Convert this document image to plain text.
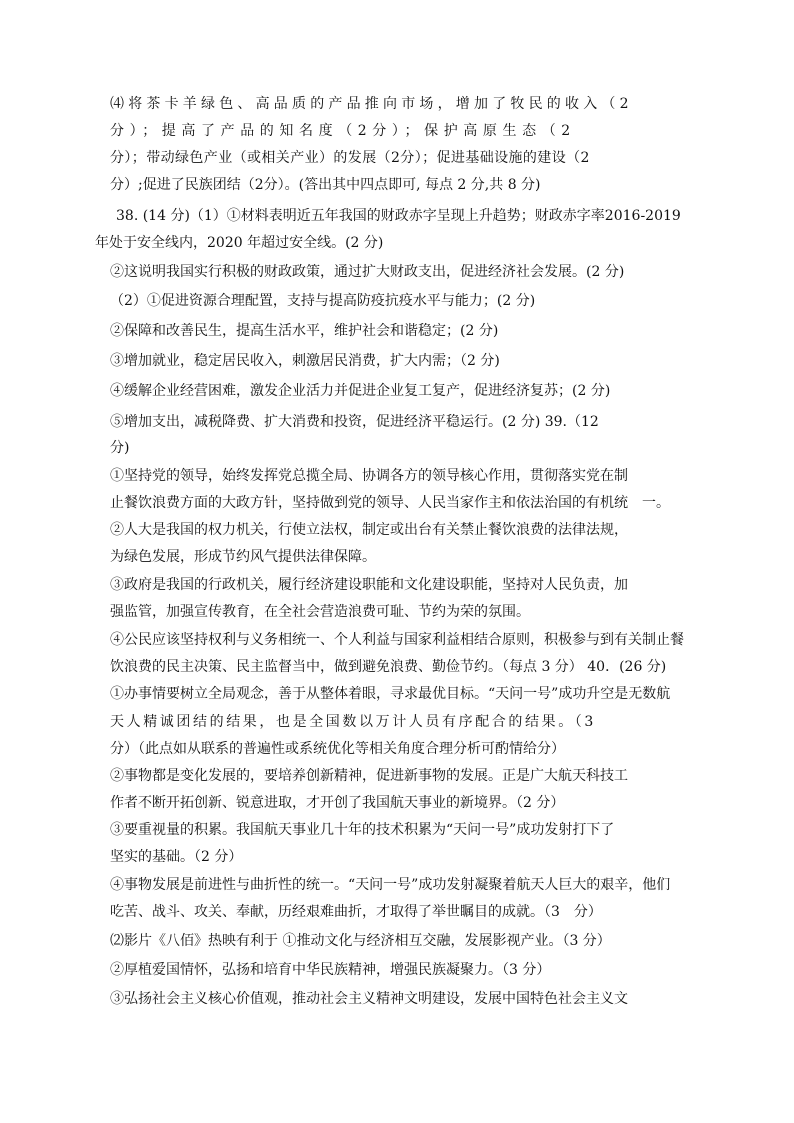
⑷将茶卡羊绿色、高品质的产品推向市场，增加了牧民的收入（2
分）；提高了产品的知名度（2分）；保护高原生态（2
分）；带动绿色产业（或相关产业）的发展（2分）；促进基础设施的建设（2
分）;促进了民族团结（2分）。(答出其中四点即可, 每点 2 分,共 8 分)
38. (14 分)（1）①材料表明近五年我国的财政赤字呈现上升趋势；财政赤字率2016-2019
年处于安全线内，2020 年超过安全线。(2 分)
②这说明我国实行积极的财政政策，通过扩大财政支出，促进经济社会发展。(2 分)
（2）①促进资源合理配置，支持与提高防疫抗疫水平与能力；(2 分)
②保障和改善民生，提高生活水平，维护社会和谐稳定；(2 分)
③增加就业，稳定居民收入，刺激居民消费，扩大内需；（2 分)
④缓解企业经营困难，激发企业活力并促进企业复工复产，促进经济复苏；(2 分)
⑤增加支出，减税降费、扩大消费和投资，促进经济平稳运行。(2 分) 39.（12
分)
①坚持党的领导，始终发挥党总揽全局、协调各方的领导核心作用，贯彻落实党在制
止餐饮浪费方面的大政方针，坚持做到党的领导、人民当家作主和依法治国的有机统　一。
②人大是我国的权力机关，行使立法权，制定或出台有关禁止餐饮浪费的法律法规，
为绿色发展，形成节约风气提供法律保障。
③政府是我国的行政机关，履行经济建设职能和文化建设职能，坚持对人民负责，加
强监管，加强宣传教育，在全社会营造浪费可耻、节约为荣的氛围。
④公民应该坚持权利与义务相统一、个人利益与国家利益相结合原则，积极参与到有关制止餐
饮浪费的民主决策、民主监督当中，做到避免浪费、勤俭节约。（每点 3 分） 40．(26 分)
①办事情要树立全局观念，善于从整体着眼，寻求最优目标。“天问一号”成功升空是无数航
天人精诚团结的结果，也是全国数以万计人员有序配合的结果。（3
分）（此点如从联系的普遍性或系统优化等相关角度合理分析可酌情给分）
②事物都是变化发展的，要培养创新精神，促进新事物的发展。正是广大航天科技工
作者不断开拓创新、锐意进取，才开创了我国航天事业的新境界。（2 分）
③要重视量的积累。我国航天事业几十年的技术积累为“天问一号”成功发射打下了
坚实的基础。（2 分）
④事物发展是前进性与曲折性的统一。“天问一号”成功发射凝聚着航天人巨大的艰辛，他们
吃苦、战斗、攻关、奉献，历经艰难曲折，才取得了举世瞩目的成就。（3　分）
⑵影片《八佰》热映有利于 ①推动文化与经济相互交融，发展影视产业。（3 分）
②厚植爱国情怀，弘扬和培育中华民族精神，增强民族凝聚力。（3 分）
③弘扬社会主义核心价值观，推动社会主义精神文明建设，发展中国特色社会主义文
